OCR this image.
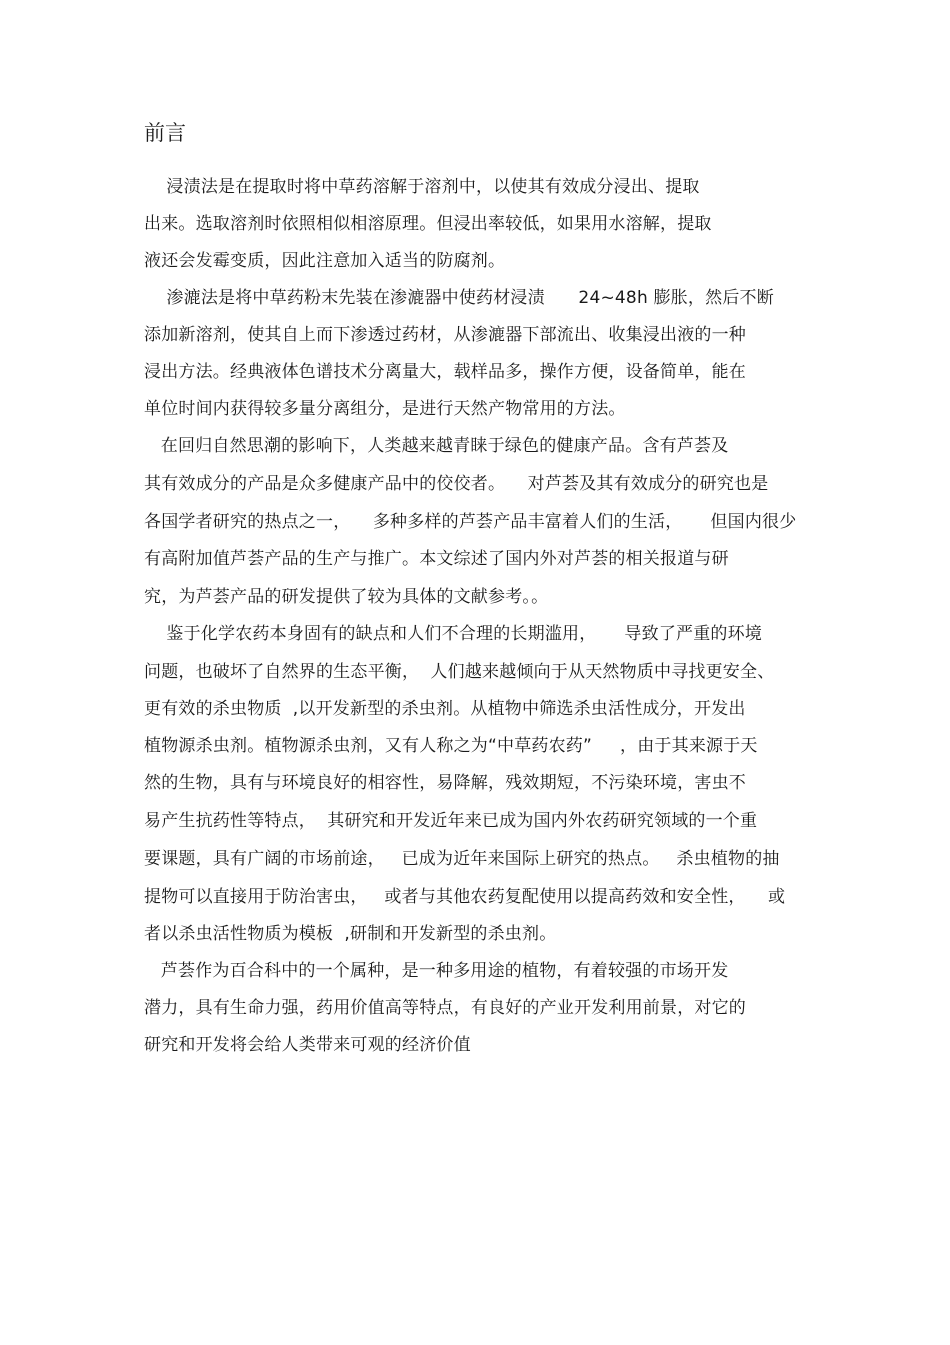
前言
浸渍法是在提取时将中草药溶解于溶剂中，以使其有效成分浸出、提取
出来。选取溶剂时依照相似相溶原理。但浸出率较低，如果用水溶解，提取
液还会发霉变质，因此注意加入适当的防腐剂。
渗漉法是将中草药粉末先装在渗漉器中使药材浸渍      24~48h 膨胀，然后不断
添加新溶剂，使其自上而下渗透过药材，从渗漉器下部流出、收集浸出液的一种
浸出方法。经典液体色谱技术分离量大，载样品多，操作方便，设备简单，能在
单位时间内获得较多量分离组分，是进行天然产物常用的方法。
在回归自然思潮的影响下，人类越来越青睐于绿色的健康产品。含有芦荟及
其有效成分的产品是众多健康产品中的佼佼者。    对芦荟及其有效成分的研究也是
各国学者研究的热点之一，    多种多样的芦荟产品丰富着人们的生活，     但国内很少
有高附加值芦荟产品的生产与推广。本文综述了国内外对芦荟的相关报道与研
究，为芦荟产品的研发提供了较为具体的文献参考。。
鉴于化学农药本身固有的缺点和人们不合理的长期滥用，     导致了严重的环境
问题，也破坏了自然界的生态平衡，  人们越来越倾向于从天然物质中寻找更安全、
更有效的杀虫物质  ,以开发新型的杀虫剂。从植物中筛选杀虫活性成分，开发出
植物源杀虫剂。植物源杀虫剂，又有人称之为“中草药农药”     ，由于其来源于天
然的生物，具有与环境良好的相容性，易降解，残效期短，不污染环境，害虫不
易产生抗药性等特点，  其研究和开发近年来已成为国内外农药研究领域的一个重
要课题，具有广阔的市场前途，   已成为近年来国际上研究的热点。   杀虫植物的抽
提物可以直接用于防治害虫，   或者与其他农药复配使用以提高药效和安全性，    或
者以杀虫活性物质为模板  ,研制和开发新型的杀虫剂。
芦荟作为百合科中的一个属种，是一种多用途的植物，有着较强的市场开发
潜力，具有生命力强，药用价值高等特点，有良好的产业开发利用前景，对它的
研究和开发将会给人类带来可观的经济价值
